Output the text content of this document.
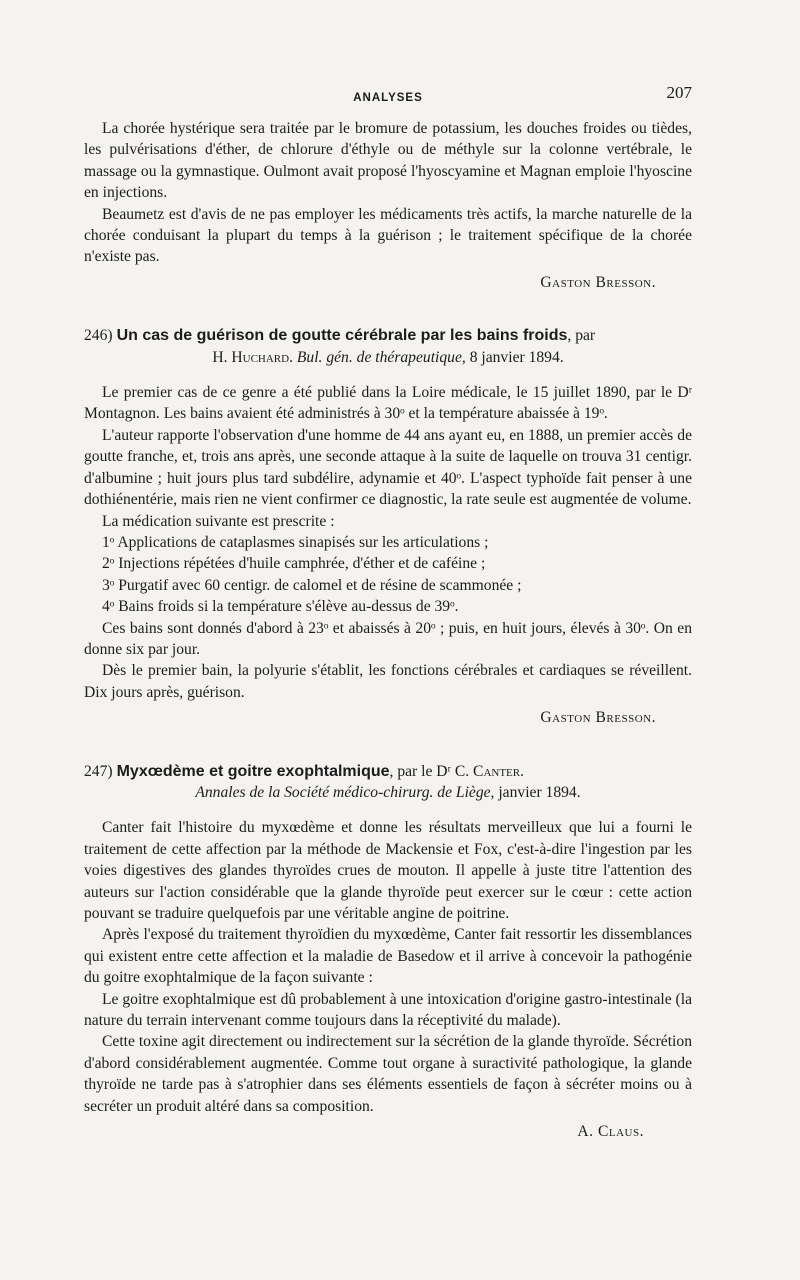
ANALYSES	207

La chorée hystérique sera traitée par le bromure de potassium, les douches froides ou tièdes, les pulvérisations d'éther, de chlorure d'éthyle ou de méthyle sur la colonne vertébrale, le massage ou la gymnastique. Oulmont avait proposé l'hyoscyamine et Magnan emploie l'hyoscine en injections.

Beaumetz est d'avis de ne pas employer les médicaments très actifs, la marche naturelle de la chorée conduisant la plupart du temps à la guérison ; le traitement spécifique de la chorée n'existe pas.

Gaston Bresson.

246) Un cas de guérison de goutte cérébrale par les bains froids, par

H. Huchard. Bul. gén. de thérapeutique, 8 janvier 1894.

Le premier cas de ce genre a été publié dans la Loire médicale, le 15 juillet 1890, par le Dʳ Montagnon. Les bains avaient été administrés à 30ᵒ et la température abaissée à 19ᵒ.

L'auteur rapporte l'observation d'une homme de 44 ans ayant eu, en 1888, un premier accès de goutte franche, et, trois ans après, une seconde attaque à la suite de laquelle on trouva 31 centigr. d'albumine ; huit jours plus tard subdélire, adynamie et 40ᵒ. L'aspect typhoïde fait penser à une dothiénentérie, mais rien ne vient confirmer ce diagnostic, la rate seule est augmentée de volume.

La médication suivante est prescrite :

1ᵒ Applications de cataplasmes sinapisés sur les articulations ;

2ᵒ Injections répétées d'huile camphrée, d'éther et de caféine ;

3ᵒ Purgatif avec 60 centigr. de calomel et de résine de scammonée ;

4ᵒ Bains froids si la température s'élève au-dessus de 39ᵒ.

Ces bains sont donnés d'abord à 23ᵒ et abaissés à 20ᵒ ; puis, en huit jours, élevés à 30ᵒ. On en donne six par jour.

Dès le premier bain, la polyurie s'établit, les fonctions cérébrales et cardiaques se réveillent. Dix jours après, guérison.

Gaston Bresson.

247) Myxœdème et goitre exophtalmique, par le Dʳ C. Canter.

Annales de la Société médico-chirurg. de Liège, janvier 1894.

Canter fait l'histoire du myxœdème et donne les résultats merveilleux que lui a fourni le traitement de cette affection par la méthode de Mackensie et Fox, c'est-à-dire l'ingestion par les voies digestives des glandes thyroïdes crues de mouton. Il appelle à juste titre l'attention des auteurs sur l'action considérable que la glande thyroïde peut exercer sur le cœur : cette action pouvant se traduire quelquefois par une véritable angine de poitrine.

Après l'exposé du traitement thyroïdien du myxœdème, Canter fait ressortir les dissemblances qui existent entre cette affection et la maladie de Basedow et il arrive à concevoir la pathogénie du goitre exophtalmique de la façon suivante :

Le goitre exophtalmique est dû probablement à une intoxication d'origine gastro-intestinale (la nature du terrain intervenant comme toujours dans la réceptivité du malade).

Cette toxine agit directement ou indirectement sur la sécrétion de la glande thyroïde. Sécrétion d'abord considérablement augmentée. Comme tout organe à suractivité pathologique, la glande thyroïde ne tarde pas à s'atrophier dans ses éléments essentiels de façon à sécréter moins ou à secréter un produit altéré dans sa composition.

A. Claus.
